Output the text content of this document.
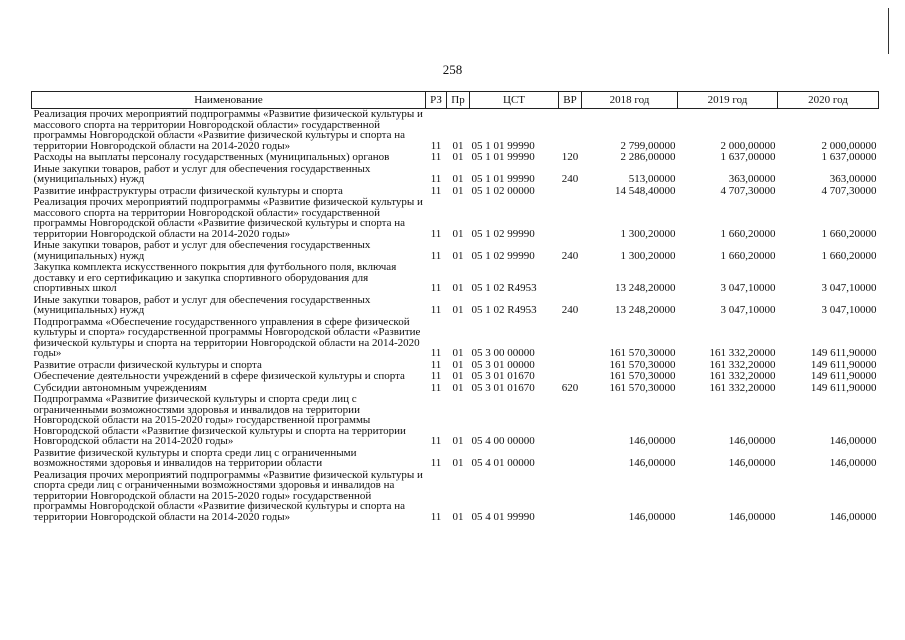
258
Наименование	РЗ	Пр	ЦСТ	ВР	2018 год	2019 год	2020 год
Реализация прочих мероприятий подпрограммы «Развитие физической культуры и массового спорта на территории Новгородской области» государственной программы Новгородской области «Развитие физической культуры и спорта на территории Новгородской области на 2014-2020 годы»	11	01	05 1 01 99990		2 799,00000	2 000,00000	2 000,00000
Расходы на выплаты персоналу государственных (муниципальных) органов	11	01	05 1 01 99990	120	2 286,00000	1 637,00000	1 637,00000
Иные закупки товаров, работ и услуг для обеспечения государственных (муниципальных) нужд	11	01	05 1 01 99990	240	513,00000	363,00000	363,00000
Развитие инфраструктуры отрасли физической культуры и спорта	11	01	05 1 02 00000		14 548,40000	4 707,30000	4 707,30000
Реализация прочих мероприятий подпрограммы «Развитие физической культуры и массового спорта на территории Новгородской области» государственной программы Новгородской области «Развитие физической культуры и спорта на территории Новгородской области на 2014-2020 годы»	11	01	05 1 02 99990		1 300,20000	1 660,20000	1 660,20000
Иные закупки товаров, работ и услуг для обеспечения государственных (муниципальных) нужд	11	01	05 1 02 99990	240	1 300,20000	1 660,20000	1 660,20000
Закупка комплекта искусственного покрытия для футбольного поля, включая доставку и его сертификацию и закупка спортивного оборудования для спортивных школ	11	01	05 1 02 R4953		13 248,20000	3 047,10000	3 047,10000
Иные закупки товаров, работ и услуг для обеспечения государственных (муниципальных) нужд	11	01	05 1 02 R4953	240	13 248,20000	3 047,10000	3 047,10000
Подпрограмма «Обеспечение государственного управления в сфере физической культуры и спорта» государственной программы Новгородской области «Развитие физической культуры и спорта на территории Новгородской области на 2014-2020 годы»	11	01	05 3 00 00000		161 570,30000	161 332,20000	149 611,90000
Развитие отрасли физической культуры и спорта	11	01	05 3 01 00000		161 570,30000	161 332,20000	149 611,90000
Обеспечение деятельности учреждений в сфере физической культуры и спорта	11	01	05 3 01 01670		161 570,30000	161 332,20000	149 611,90000
Субсидии автономным учреждениям	11	01	05 3 01 01670	620	161 570,30000	161 332,20000	149 611,90000
Подпрограмма «Развитие физической культуры и спорта среди лиц с ограниченными возможностями здоровья и инвалидов на территории Новгородской области на 2015-2020 годы» государственной программы Новгородской области «Развитие физической культуры и спорта на территории Новгородской области на 2014-2020 годы»	11	01	05 4 00 00000		146,00000	146,00000	146,00000
Развитие физической культуры и спорта среди лиц с ограниченными возможностями здоровья и инвалидов на территории области	11	01	05 4 01 00000		146,00000	146,00000	146,00000
Реализация прочих мероприятий подпрограммы «Развитие физической культуры и спорта среди лиц с ограниченными возможностями здоровья и инвалидов на территории Новгородской области на 2015-2020 годы» государственной программы Новгородской области «Развитие физической культуры и спорта на территории Новгородской области на 2014-2020 годы»	11	01	05 4 01 99990		146,00000	146,00000	146,00000
